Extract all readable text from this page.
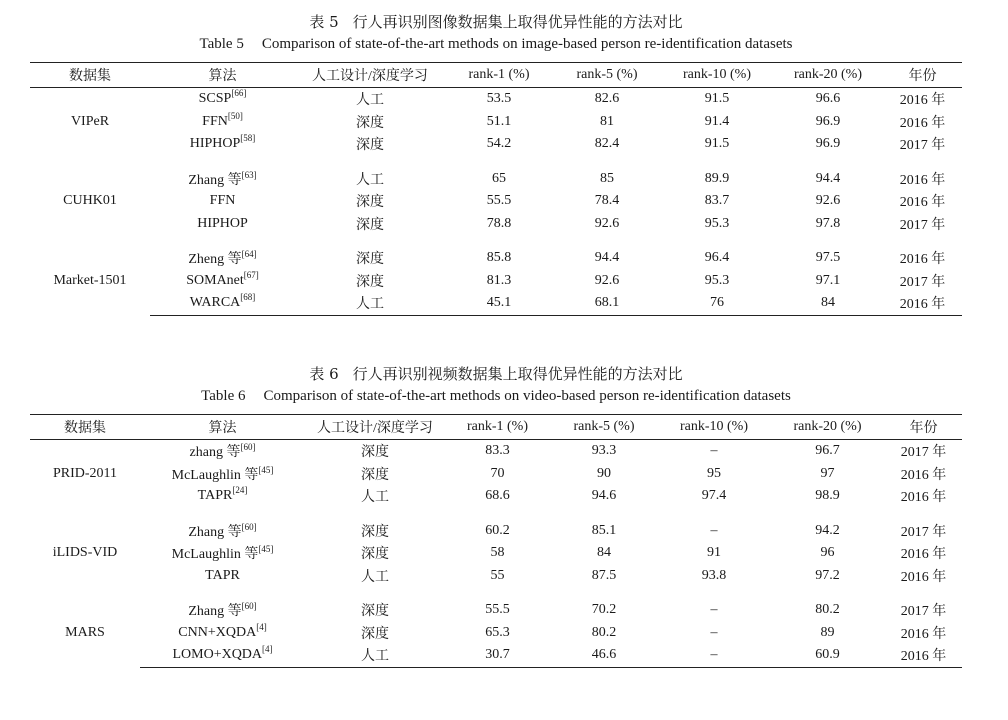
表 5 行人再识别图像数据集上取得优异性能的方法对比
Table 5 Comparison of state-of-the-art methods on image-based person re-identification datasets
数据集	算法	人工设计/深度学习	rank-1 (%)	rank-5 (%)	rank-10 (%)	rank-20 (%)	年份
VIPeR	SCSP[66]	人工	53.5	82.6	91.5	96.6	2016 年
	FFN[50]	深度	51.1	81	91.4	96.9	2016 年
	HIPHOP[58]	深度	54.2	82.4	91.5	96.9	2017 年

CUHK01	Zhang 等[63]	人工	65	85	89.9	94.4	2016 年
	FFN	深度	55.5	78.4	83.7	92.6	2016 年
	HIPHOP	深度	78.8	92.6	95.3	97.8	2017 年

Market-1501	Zheng 等[64]	深度	85.8	94.4	96.4	97.5	2016 年
	SOMAnet[67]	深度	81.3	92.6	95.3	97.1	2017 年
	WARCA[68]	人工	45.1	68.1	76	84	2016 年
表 6 行人再识别视频数据集上取得优异性能的方法对比
Table 6 Comparison of state-of-the-art methods on video-based person re-identification datasets
数据集	算法	人工设计/深度学习	rank-1 (%)	rank-5 (%)	rank-10 (%)	rank-20 (%)	年份
PRID-2011	zhang 等[60]	深度	83.3	93.3	–	96.7	2017 年
	McLaughlin 等[45]	深度	70	90	95	97	2016 年
	TAPR[24]	人工	68.6	94.6	97.4	98.9	2016 年

iLIDS-VID	Zhang 等[60]	深度	60.2	85.1	–	94.2	2017 年
	McLaughlin 等[45]	深度	58	84	91	96	2016 年
	TAPR	人工	55	87.5	93.8	97.2	2016 年

MARS	Zhang 等[60]	深度	55.5	70.2	–	80.2	2017 年
	CNN+XQDA[4]	深度	65.3	80.2	–	89	2016 年
	LOMO+XQDA[4]	人工	30.7	46.6	–	60.9	2016 年
